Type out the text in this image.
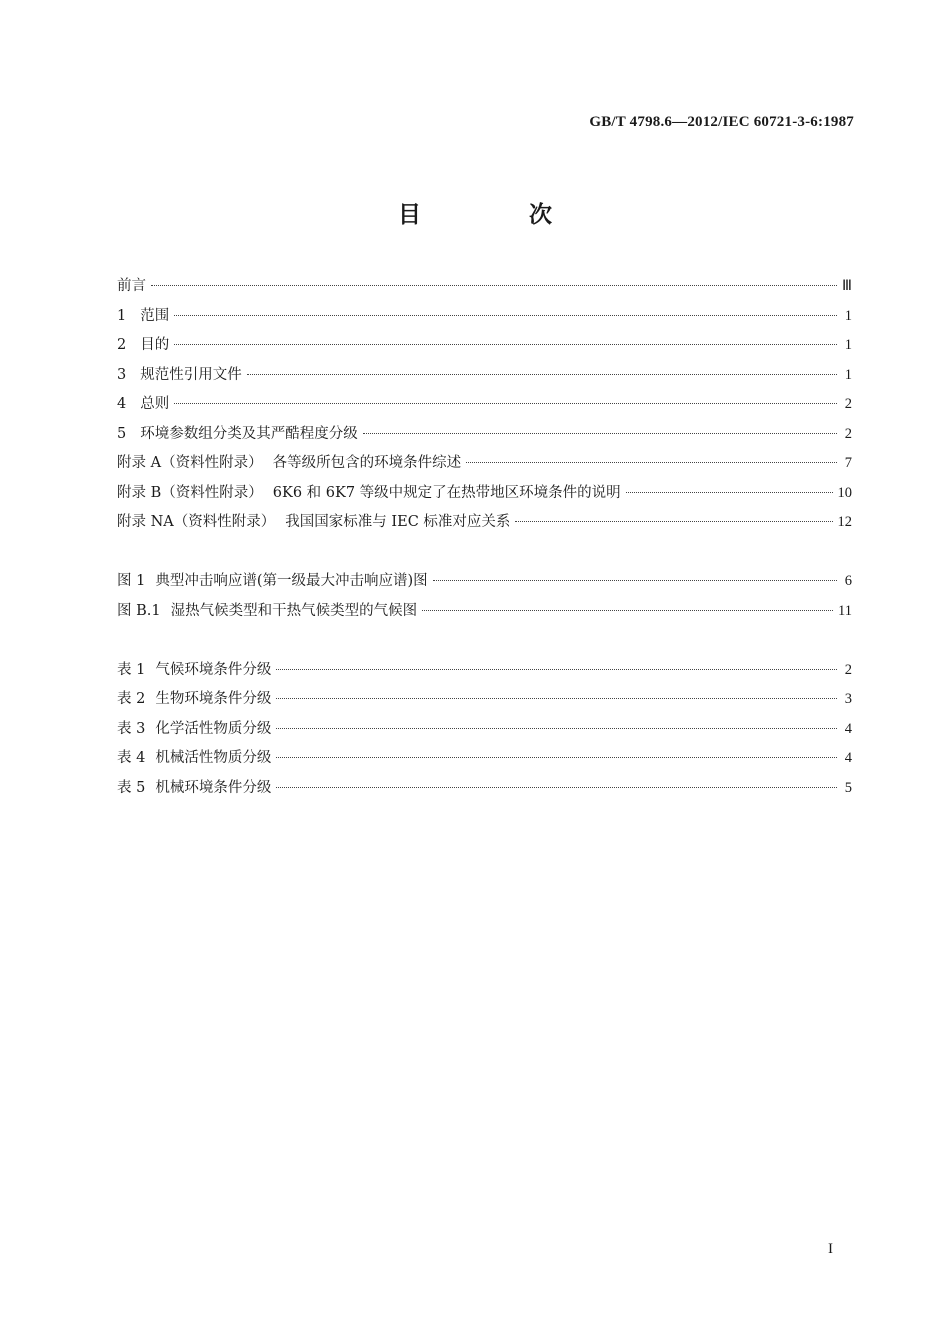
GB/T 4798.6—2012/IEC 60721-3-6:1987
目 次
前言	Ⅲ
1 范围	1
2 目的	1
3 规范性引用文件	1
4 总则	2
5 环境参数组分类及其严酷程度分级	2
附录 A（资料性附录） 各等级所包含的环境条件综述	7
附录 B（资料性附录） 6K6 和 6K7 等级中规定了在热带地区环境条件的说明	10
附录 NA（资料性附录） 我国国家标准与 IEC 标准对应关系	12
图 1 典型冲击响应谱(第一级最大冲击响应谱)图	6
图 B.1 湿热气候类型和干热气候类型的气候图	11
表 1 气候环境条件分级	2
表 2 生物环境条件分级	3
表 3 化学活性物质分级	4
表 4 机械活性物质分级	4
表 5 机械环境条件分级	5
I
